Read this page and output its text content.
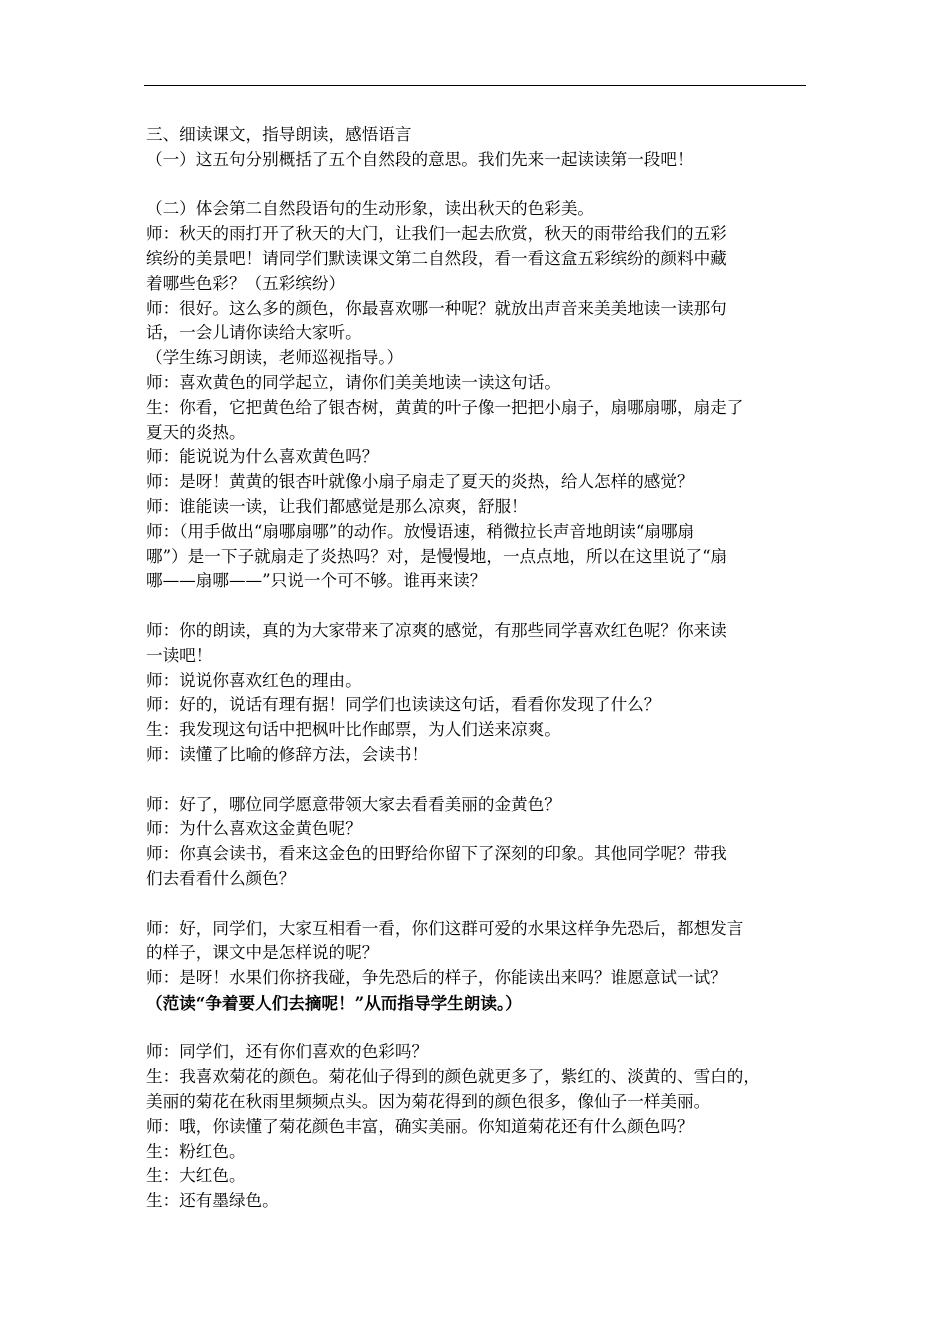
三、细读课文，指导朗读，感悟语言
（一）这五句分别概括了五个自然段的意思。我们先来一起读读第一段吧！
（二）体会第二自然段语句的生动形象，读出秋天的色彩美。
师：秋天的雨打开了秋天的大门，让我们一起去欣赏，秋天的雨带给我们的五彩
缤纷的美景吧！请同学们默读课文第二自然段，看一看这盒五彩缤纷的颜料中藏
着哪些色彩？（五彩缤纷）
师：很好。这么多的颜色，你最喜欢哪一种呢？就放出声音来美美地读一读那句
话，一会儿请你读给大家听。
（学生练习朗读，老师巡视指导。）
师：喜欢黄色的同学起立，请你们美美地读一读这句话。
生：你看，它把黄色给了银杏树，黄黄的叶子像一把把小扇子，扇哪扇哪，扇走了
夏天的炎热。
师：能说说为什么喜欢黄色吗？
师：是呀！黄黄的银杏叶就像小扇子扇走了夏天的炎热，给人怎样的感觉？
师：谁能读一读，让我们都感觉是那么凉爽，舒服！
师：（用手做出“扇哪扇哪”的动作。放慢语速，稍微拉长声音地朗读“扇哪扇
哪”）是一下子就扇走了炎热吗？对，是慢慢地，一点点地，所以在这里说了“扇
哪——扇哪——”只说一个可不够。谁再来读？
师：你的朗读，真的为大家带来了凉爽的感觉，有那些同学喜欢红色呢？你来读
一读吧！
师：说说你喜欢红色的理由。
师：好的，说话有理有据！同学们也读读这句话，看看你发现了什么？
生：我发现这句话中把枫叶比作邮票，为人们送来凉爽。
师：读懂了比喻的修辞方法，会读书！
师：好了，哪位同学愿意带领大家去看看美丽的金黄色？
师：为什么喜欢这金黄色呢？
师：你真会读书，看来这金色的田野给你留下了深刻的印象。其他同学呢？带我
们去看看什么颜色？
师：好，同学们，大家互相看一看，你们这群可爱的水果这样争先恐后，都想发言
的样子，课文中是怎样说的呢？
师：是呀！水果们你挤我碰，争先恐后的样子，你能读出来吗？谁愿意试一试？
（范读“争着要人们去摘呢！”从而指导学生朗读。）
师：同学们，还有你们喜欢的色彩吗？
生：我喜欢菊花的颜色。菊花仙子得到的颜色就更多了，紫红的、淡黄的、雪白的，
美丽的菊花在秋雨里频频点头。因为菊花得到的颜色很多，像仙子一样美丽。
师：哦，你读懂了菊花颜色丰富，确实美丽。你知道菊花还有什么颜色吗？
生：粉红色。
生：大红色。
生：还有墨绿色。
